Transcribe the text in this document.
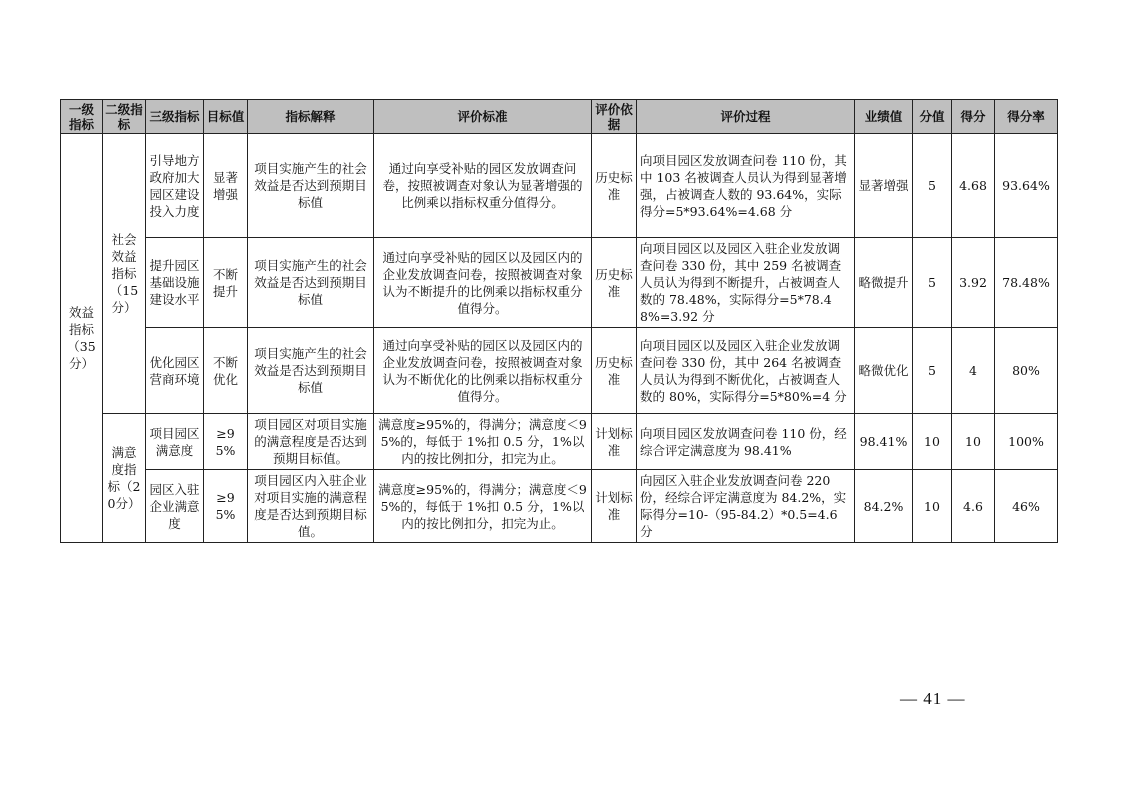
一级指标	二级指标	三级指标	目标值	指标解释	评价标准	评价依据	评价过程	业绩值	分值	得分	得分率
效益指标（35分）	社会效益指标（15分）	引导地方政府加大园区建设投入力度	显著增强	项目实施产生的社会效益是否达到预期目标值	通过向享受补贴的园区发放调查问卷，按照被调查对象认为显著增强的比例乘以指标权重分值得分。	历史标准	向项目园区发放调查问卷 110 份，其中 103 名被调查人员认为得到显著增强，占被调查人数的 93.64%，实际得分=5*93.64%=4.68 分	显著增强	5	4.68	93.64%
		提升园区基础设施建设水平	不断提升	项目实施产生的社会效益是否达到预期目标值	通过向享受补贴的园区以及园区内的企业发放调查问卷，按照被调查对象认为不断提升的比例乘以指标权重分值得分。	历史标准	向项目园区以及园区入驻企业发放调查问卷 330 份，其中 259 名被调查人员认为得到不断提升，占被调查人数的 78.48%，实际得分=5*78.48%=3.92 分	略微提升	5	3.92	78.48%
		优化园区营商环境	不断优化	项目实施产生的社会效益是否达到预期目标值	通过向享受补贴的园区以及园区内的企业发放调查问卷，按照被调查对象认为不断优化的比例乘以指标权重分值得分。	历史标准	向项目园区以及园区入驻企业发放调查问卷 330 份，其中 264 名被调查人员认为得到不断优化，占被调查人数的 80%，实际得分=5*80%=4 分	略微优化	5	4	80%
	满意度指标（20分）	项目园区满意度	≥95%	项目园区对项目实施的满意程度是否达到预期目标值。	满意度≥95%的，得满分；满意度＜95%的，每低于 1%扣 0.5 分，1%以内的按比例扣分，扣完为止。	计划标准	向项目园区发放调查问卷 110 份，经综合评定满意度为 98.41%	98.41%	10	10	100%
		园区入驻企业满意度	≥95%	项目园区内入驻企业对项目实施的满意程度是否达到预期目标值。	满意度≥95%的，得满分；满意度＜95%的，每低于 1%扣 0.5 分，1%以内的按比例扣分，扣完为止。	计划标准	向园区入驻企业发放调查问卷 220 份，经综合评定满意度为 84.2%，实际得分=10-（95-84.2）*0.5=4.6 分	84.2%	10	4.6	46%
— 41 —
